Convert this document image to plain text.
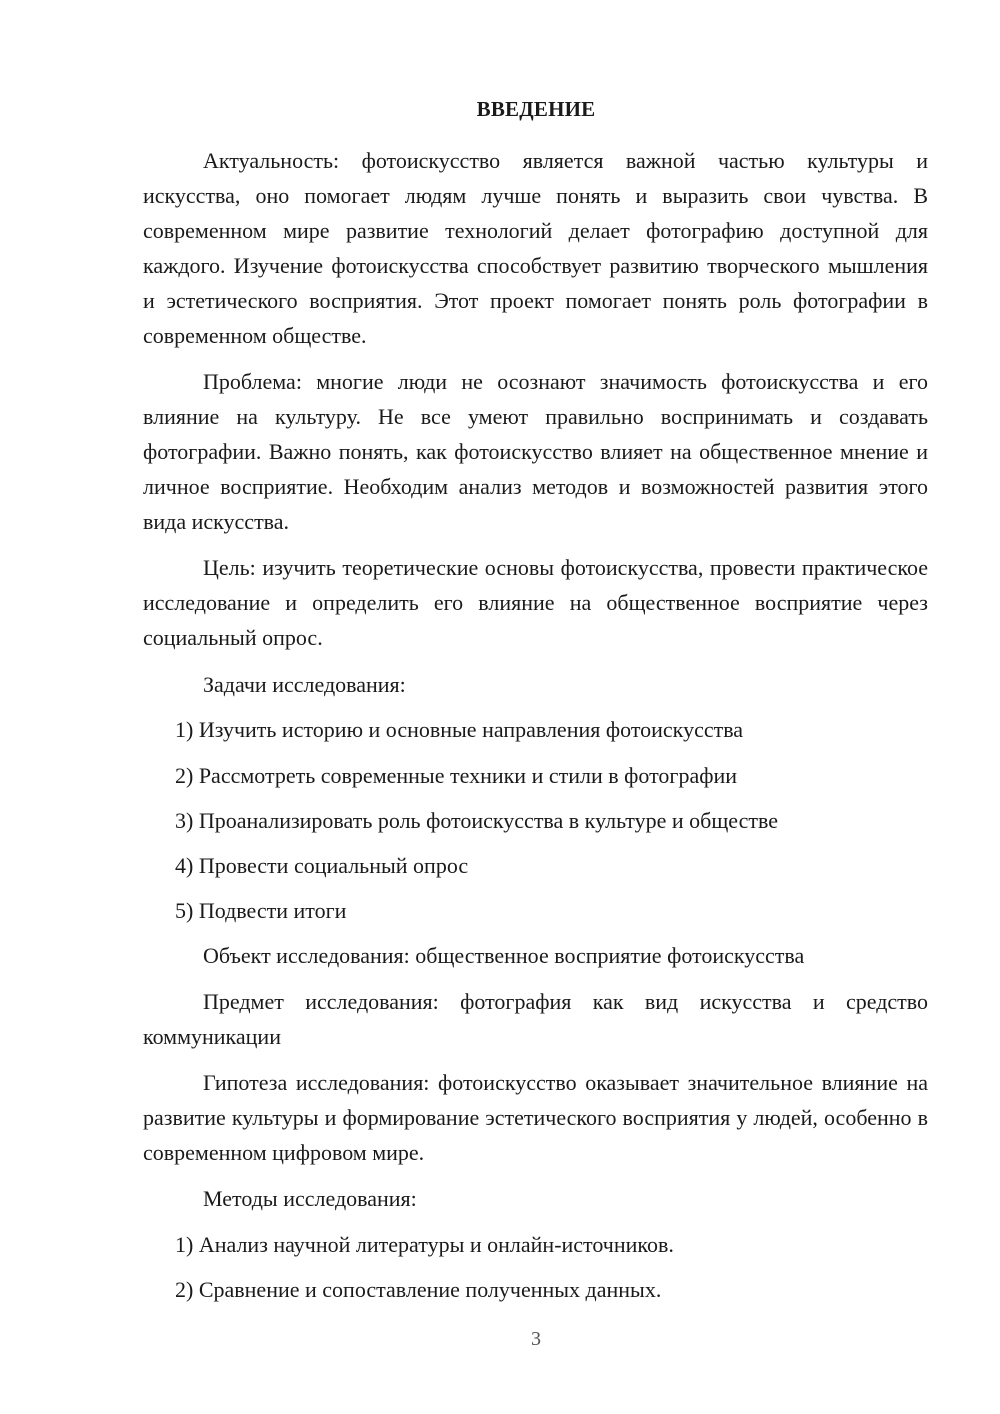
ВВЕДЕНИЕ

Актуальность: фотоискусство является важной частью культуры и искусства, оно помогает людям лучше понять и выразить свои чувства. В современном мире развитие технологий делает фотографию доступной для каждого. Изучение фотоискусства способствует развитию творческого мышления и эстетического восприятия. Этот проект помогает понять роль фотографии в современном обществе.

Проблема: многие люди не осознают значимость фотоискусства и его влияние на культуру. Не все умеют правильно воспринимать и создавать фотографии. Важно понять, как фотоискусство влияет на общественное мнение и личное восприятие. Необходим анализ методов и возможностей развития этого вида искусства.

Цель: изучить теоретические основы фотоискусства, провести практическое исследование и определить его влияние на общественное восприятие через социальный опрос.

Задачи исследования:

1) Изучить историю и основные направления фотоискусства

2) Рассмотреть современные техники и стили в фотографии

3) Проанализировать роль фотоискусства в культуре и обществе

4) Провести социальный опрос

5) Подвести итоги

Объект исследования: общественное восприятие фотоискусства

Предмет исследования: фотография как вид искусства и средство коммуникации

Гипотеза исследования: фотоискусство оказывает значительное влияние на развитие культуры и формирование эстетического восприятия у людей, особенно в современном цифровом мире.

Методы исследования:

1) Анализ научной литературы и онлайн-источников.

2) Сравнение и сопоставление полученных данных.

3
